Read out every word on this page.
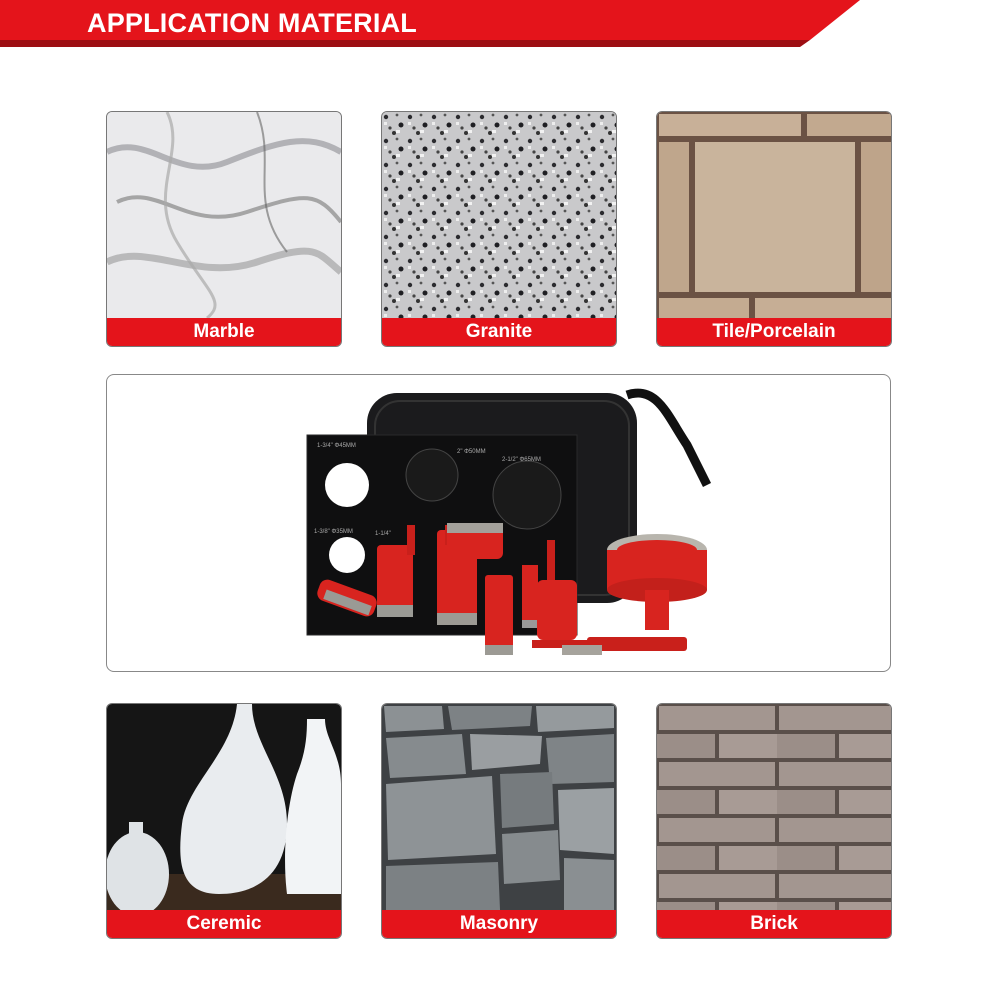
APPLICATION MATERIAL
Marble	Granite	Tile/Porcelain
1-3/4" Φ45MM
2" Φ50MM
2-1/2" Φ65MM
1-3/8" Φ35MM	1-1/4"
Ceremic	Masonry	Brick
